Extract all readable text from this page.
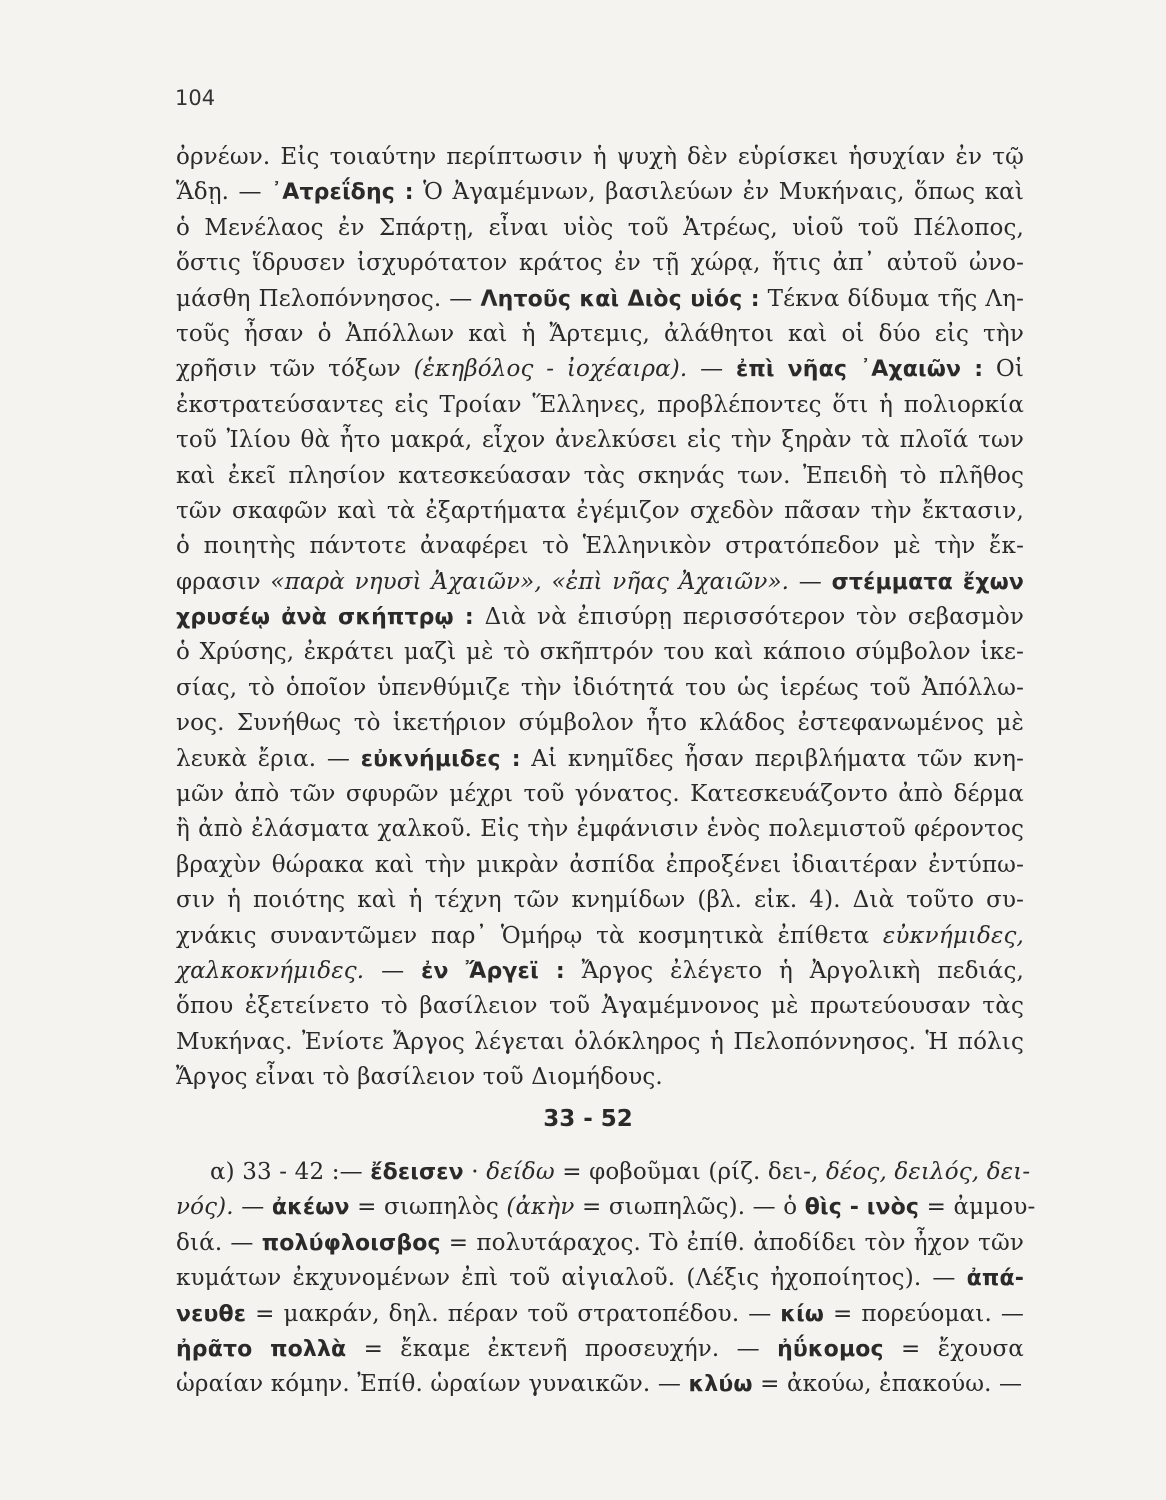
104
ὀρνέων. Εἰς τοιαύτην περίπτωσιν ἡ ψυχὴ δὲν εὑρίσκει ἡσυχίαν ἐν τῷ
Ἅδῃ. — ᾿Ατρεΐδης : Ὁ Ἀγαμέμνων, βασιλεύων ἐν Μυκήναις, ὅπως καὶ
ὁ Μενέλαος ἐν Σπάρτῃ, εἶναι υἱὸς τοῦ Ἀτρέως, υἱοῦ τοῦ Πέλοπος,
ὅστις ἵδρυσεν ἰσχυρότατον κράτος ἐν τῇ χώρᾳ, ἥτις ἀπ᾿ αὐτοῦ ὠνο-
μάσθη Πελοπόννησος. — Λητοῦς καὶ Διὸς υἱός : Τέκνα δίδυμα τῆς Λη-
τοῦς ἦσαν ὁ Ἀπόλλων καὶ ἡ Ἄρτεμις, ἀλάθητοι καὶ οἱ δύο εἰς τὴν
χρῆσιν τῶν τόξων (ἑκηβόλος - ἰοχέαιρα). — ἐπὶ νῆας ᾿Αχαιῶν : Οἱ
ἐκστρατεύσαντες εἰς Τροίαν Ἕλληνες, προβλέποντες ὅτι ἡ πολιορκία
τοῦ Ἰλίου θὰ ἦτο μακρά, εἶχον ἀνελκύσει εἰς τὴν ξηρὰν τὰ πλοῖά των
καὶ ἐκεῖ πλησίον κατεσκεύασαν τὰς σκηνάς των. Ἐπειδὴ τὸ πλῆθος
τῶν σκαφῶν καὶ τὰ ἐξαρτήματα ἐγέμιζον σχεδὸν πᾶσαν τὴν ἔκτασιν,
ὁ ποιητὴς πάντοτε ἀναφέρει τὸ Ἑλληνικὸν στρατόπεδον μὲ τὴν ἔκ-
φρασιν «παρὰ νηυσὶ Ἀχαιῶν», «ἐπὶ νῆας Ἀχαιῶν». — στέμματα ἔχων
χρυσέῳ ἀνὰ σκήπτρῳ : Διὰ νὰ ἐπισύρῃ περισσότερον τὸν σεβασμὸν
ὁ Χρύσης, ἐκράτει μαζὶ μὲ τὸ σκῆπτρόν του καὶ κάποιο σύμβολον ἱκε-
σίας, τὸ ὁποῖον ὑπενθύμιζε τὴν ἰδιότητά του ὡς ἱερέως τοῦ Ἀπόλλω-
νος. Συνήθως τὸ ἱκετήριον σύμβολον ἦτο κλάδος ἐστεφανωμένος μὲ
λευκὰ ἔρια. — εὐκνήμιδες : Αἱ κνημῖδες ἦσαν περιβλήματα τῶν κνη-
μῶν ἀπὸ τῶν σφυρῶν μέχρι τοῦ γόνατος. Κατεσκευάζοντο ἀπὸ δέρμα
ἢ ἀπὸ ἐλάσματα χαλκοῦ. Εἰς τὴν ἐμφάνισιν ἑνὸς πολεμιστοῦ φέροντος
βραχὺν θώρακα καὶ τὴν μικρὰν ἀσπίδα ἐπροξένει ἰδιαιτέραν ἐντύπω-
σιν ἡ ποιότης καὶ ἡ τέχνη τῶν κνημίδων (βλ. εἰκ. 4). Διὰ τοῦτο συ-
χνάκις συναντῶμεν παρ᾿ Ὁμήρῳ τὰ κοσμητικὰ ἐπίθετα εὐκνήμιδες,
χαλκοκνήμιδες. — ἐν Ἄργεϊ : Ἄργος ἐλέγετο ἡ Ἀργολικὴ πεδιάς,
ὅπου ἐξετείνετο τὸ βασίλειον τοῦ Ἀγαμέμνονος μὲ πρωτεύουσαν τὰς
Μυκήνας. Ἐνίοτε Ἄργος λέγεται ὁλόκληρος ἡ Πελοπόννησος. Ἡ πόλις
Ἄργος εἶναι τὸ βασίλειον τοῦ Διομήδους.
33 - 52
α) 33 - 42 :— ἔδεισεν · δείδω = φοβοῦμαι (ρίζ. δει-, δέος, δειλός, δει-
νός). — ἀκέων = σιωπηλὸς (ἀκὴν = σιωπηλῶς). — ὁ θὶς - ινὸς = ἀμμου-
διά. — πολύφλοισβος = πολυτάραχος. Τὸ ἐπίθ. ἀποδίδει τὸν ἦχον τῶν
κυμάτων ἐκχυνομένων ἐπὶ τοῦ αἰγιαλοῦ. (Λέξις ἠχοποίητος). — ἀπά-
νευθε = μακράν, δηλ. πέραν τοῦ στρατοπέδου. — κίω = πορεύομαι. —
ἠρᾶτο πολλὰ = ἔκαμε ἐκτενῆ προσευχήν. — ἠΰκομος = ἔχουσα
ὡραίαν κόμην. Ἐπίθ. ὡραίων γυναικῶν. — κλύω = ἀκούω, ἐπακούω. —
